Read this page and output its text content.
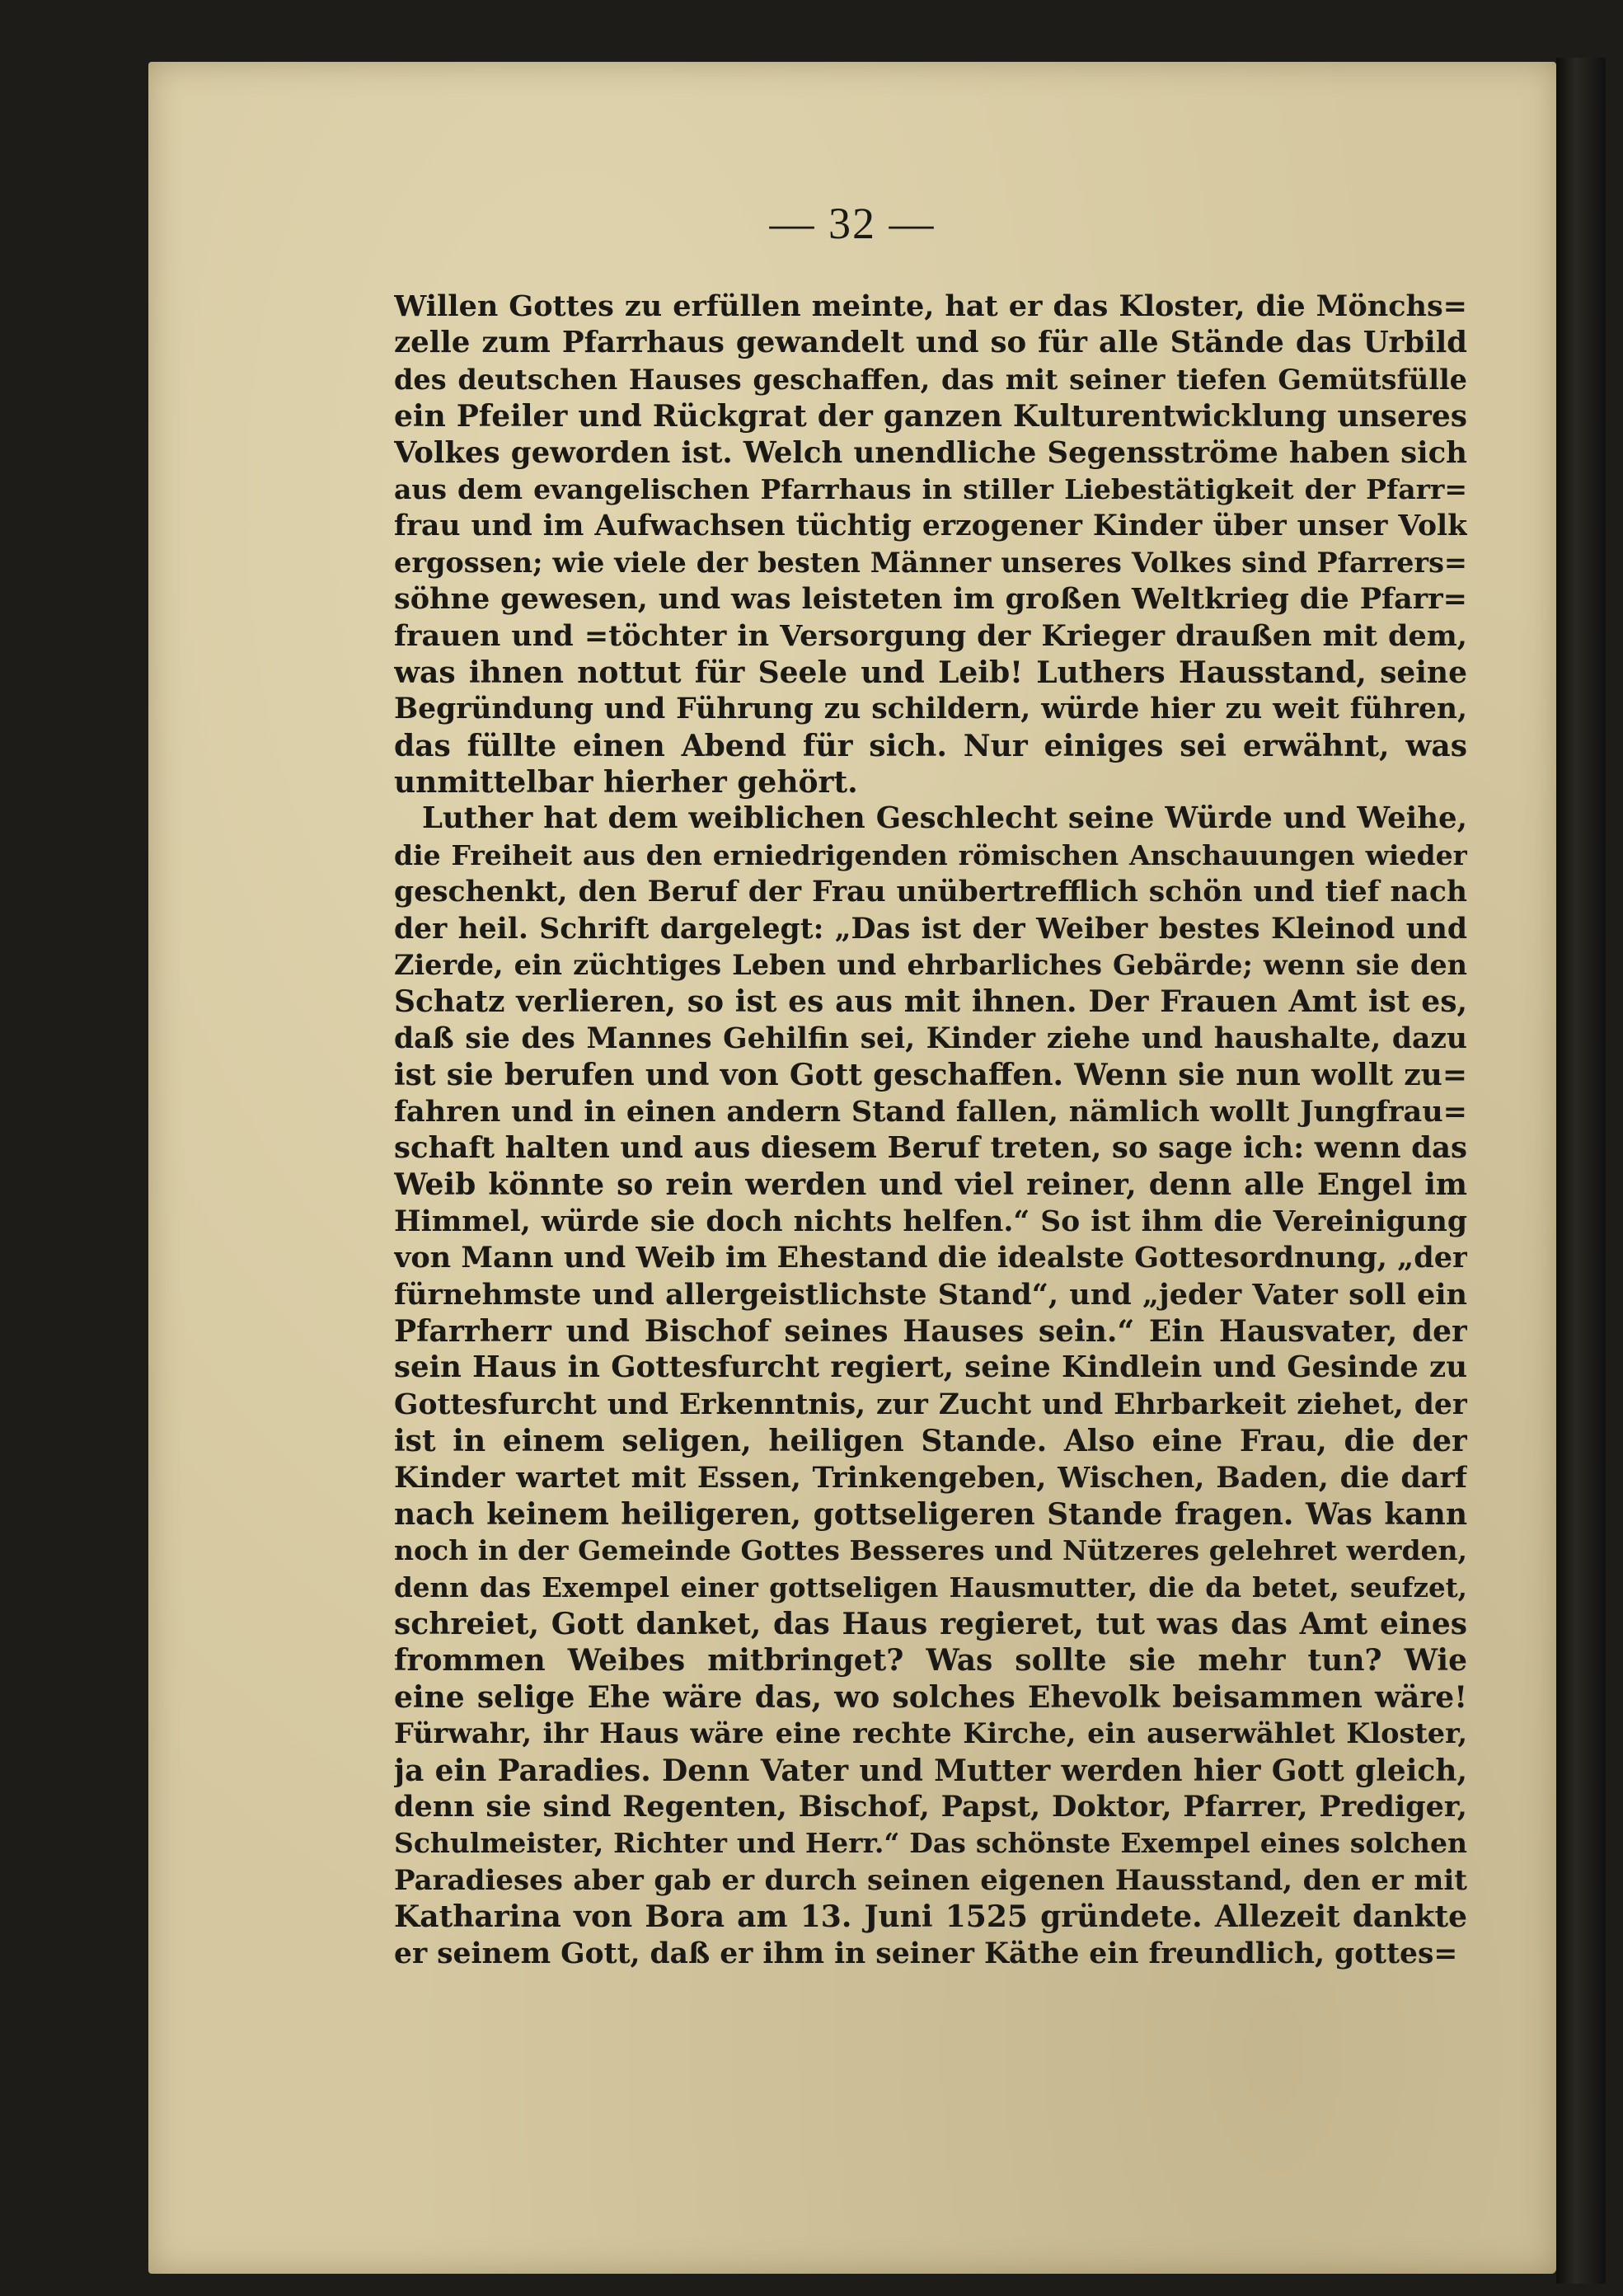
— 32 —
Willen Gottes zu erfüllen meinte, hat er das Kloster, die Mönchs=
zelle zum Pfarrhaus gewandelt und so für alle Stände das Urbild
des deutschen Hauses geschaffen, das mit seiner tiefen Gemütsfülle
ein Pfeiler und Rückgrat der ganzen Kulturentwicklung unseres
Volkes geworden ist. Welch unendliche Segensströme haben sich
aus dem evangelischen Pfarrhaus in stiller Liebestätigkeit der Pfarr=
frau und im Aufwachsen tüchtig erzogener Kinder über unser Volk
ergossen; wie viele der besten Männer unseres Volkes sind Pfarrers=
söhne gewesen, und was leisteten im großen Weltkrieg die Pfarr=
frauen und =töchter in Versorgung der Krieger draußen mit dem,
was ihnen nottut für Seele und Leib! Luthers Hausstand, seine
Begründung und Führung zu schildern, würde hier zu weit führen,
das füllte einen Abend für sich. Nur einiges sei erwähnt, was
unmittelbar hierher gehört.
Luther hat dem weiblichen Geschlecht seine Würde und Weihe,
die Freiheit aus den erniedrigenden römischen Anschauungen wieder
geschenkt, den Beruf der Frau unübertrefflich schön und tief nach
der heil. Schrift dargelegt: „Das ist der Weiber bestes Kleinod und
Zierde, ein züchtiges Leben und ehrbarliches Gebärde; wenn sie den
Schatz verlieren, so ist es aus mit ihnen. Der Frauen Amt ist es,
daß sie des Mannes Gehilfin sei, Kinder ziehe und haushalte, dazu
ist sie berufen und von Gott geschaffen. Wenn sie nun wollt zu=
fahren und in einen andern Stand fallen, nämlich wollt Jungfrau=
schaft halten und aus diesem Beruf treten, so sage ich: wenn das
Weib könnte so rein werden und viel reiner, denn alle Engel im
Himmel, würde sie doch nichts helfen.“ So ist ihm die Vereinigung
von Mann und Weib im Ehestand die idealste Gottesordnung, „der
fürnehmste und allergeistlichste Stand“, und „jeder Vater soll ein
Pfarrherr und Bischof seines Hauses sein.“ Ein Hausvater, der
sein Haus in Gottesfurcht regiert, seine Kindlein und Gesinde zu
Gottesfurcht und Erkenntnis, zur Zucht und Ehrbarkeit ziehet, der
ist in einem seligen, heiligen Stande. Also eine Frau, die der
Kinder wartet mit Essen, Trinkengeben, Wischen, Baden, die darf
nach keinem heiligeren, gottseligeren Stande fragen. Was kann
noch in der Gemeinde Gottes Besseres und Nützeres gelehret werden,
denn das Exempel einer gottseligen Hausmutter, die da betet, seufzet,
schreiet, Gott danket, das Haus regieret, tut was das Amt eines
frommen Weibes mitbringet? Was sollte sie mehr tun? Wie
eine selige Ehe wäre das, wo solches Ehevolk beisammen wäre!
Fürwahr, ihr Haus wäre eine rechte Kirche, ein auserwählet Kloster,
ja ein Paradies. Denn Vater und Mutter werden hier Gott gleich,
denn sie sind Regenten, Bischof, Papst, Doktor, Pfarrer, Prediger,
Schulmeister, Richter und Herr.“ Das schönste Exempel eines solchen
Paradieses aber gab er durch seinen eigenen Hausstand, den er mit
Katharina von Bora am 13. Juni 1525 gründete. Allezeit dankte
er seinem Gott, daß er ihm in seiner Käthe ein freundlich, gottes=
